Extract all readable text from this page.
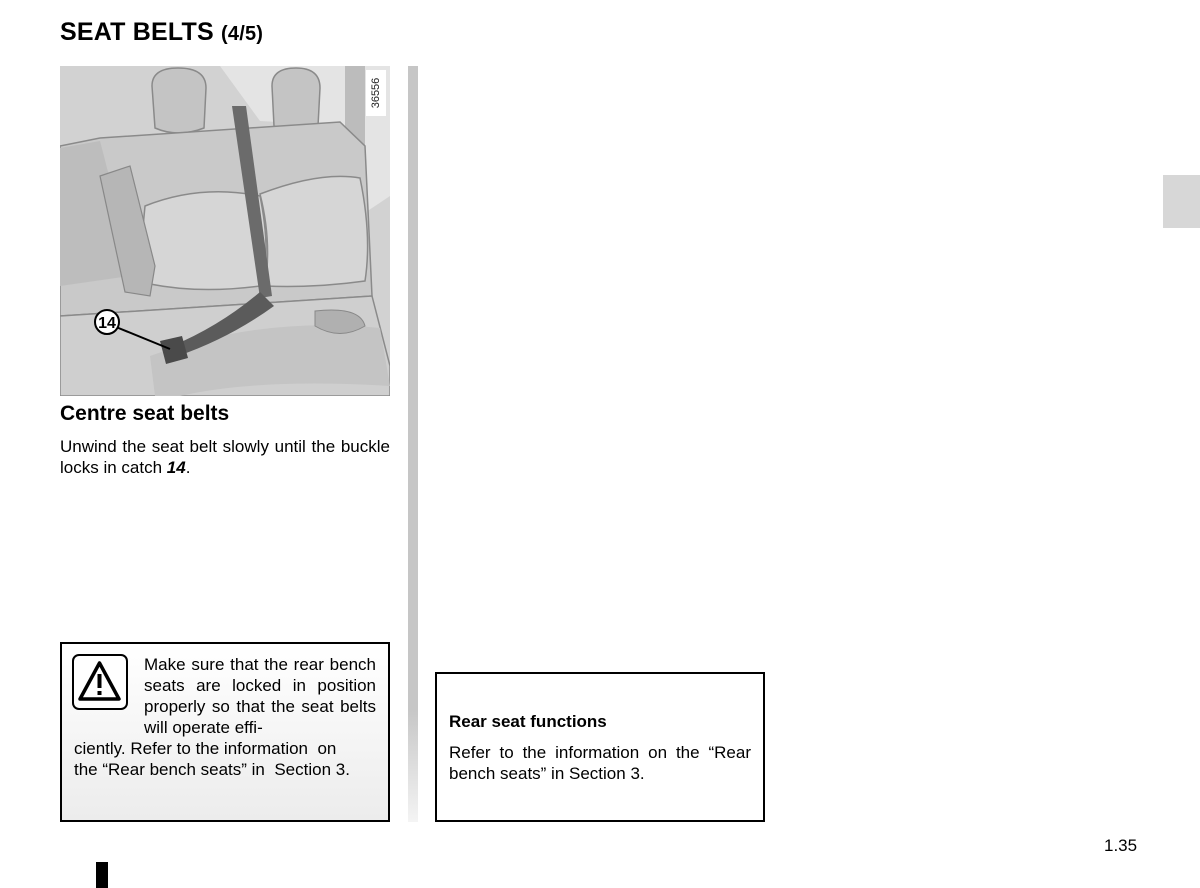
SEAT BELTS (4/5)
14
36556
Centre seat belts
Unwind the seat belt slowly until the buckle locks in catch 14.
Make sure that the rear bench seats are locked in position properly so that the seat belts will operate effi-
ciently. Refer to the information  on
the “Rear bench seats” in  Section 3.
Rear seat functions
Refer to the information on the “Rear bench seats” in Section 3.
1.35
